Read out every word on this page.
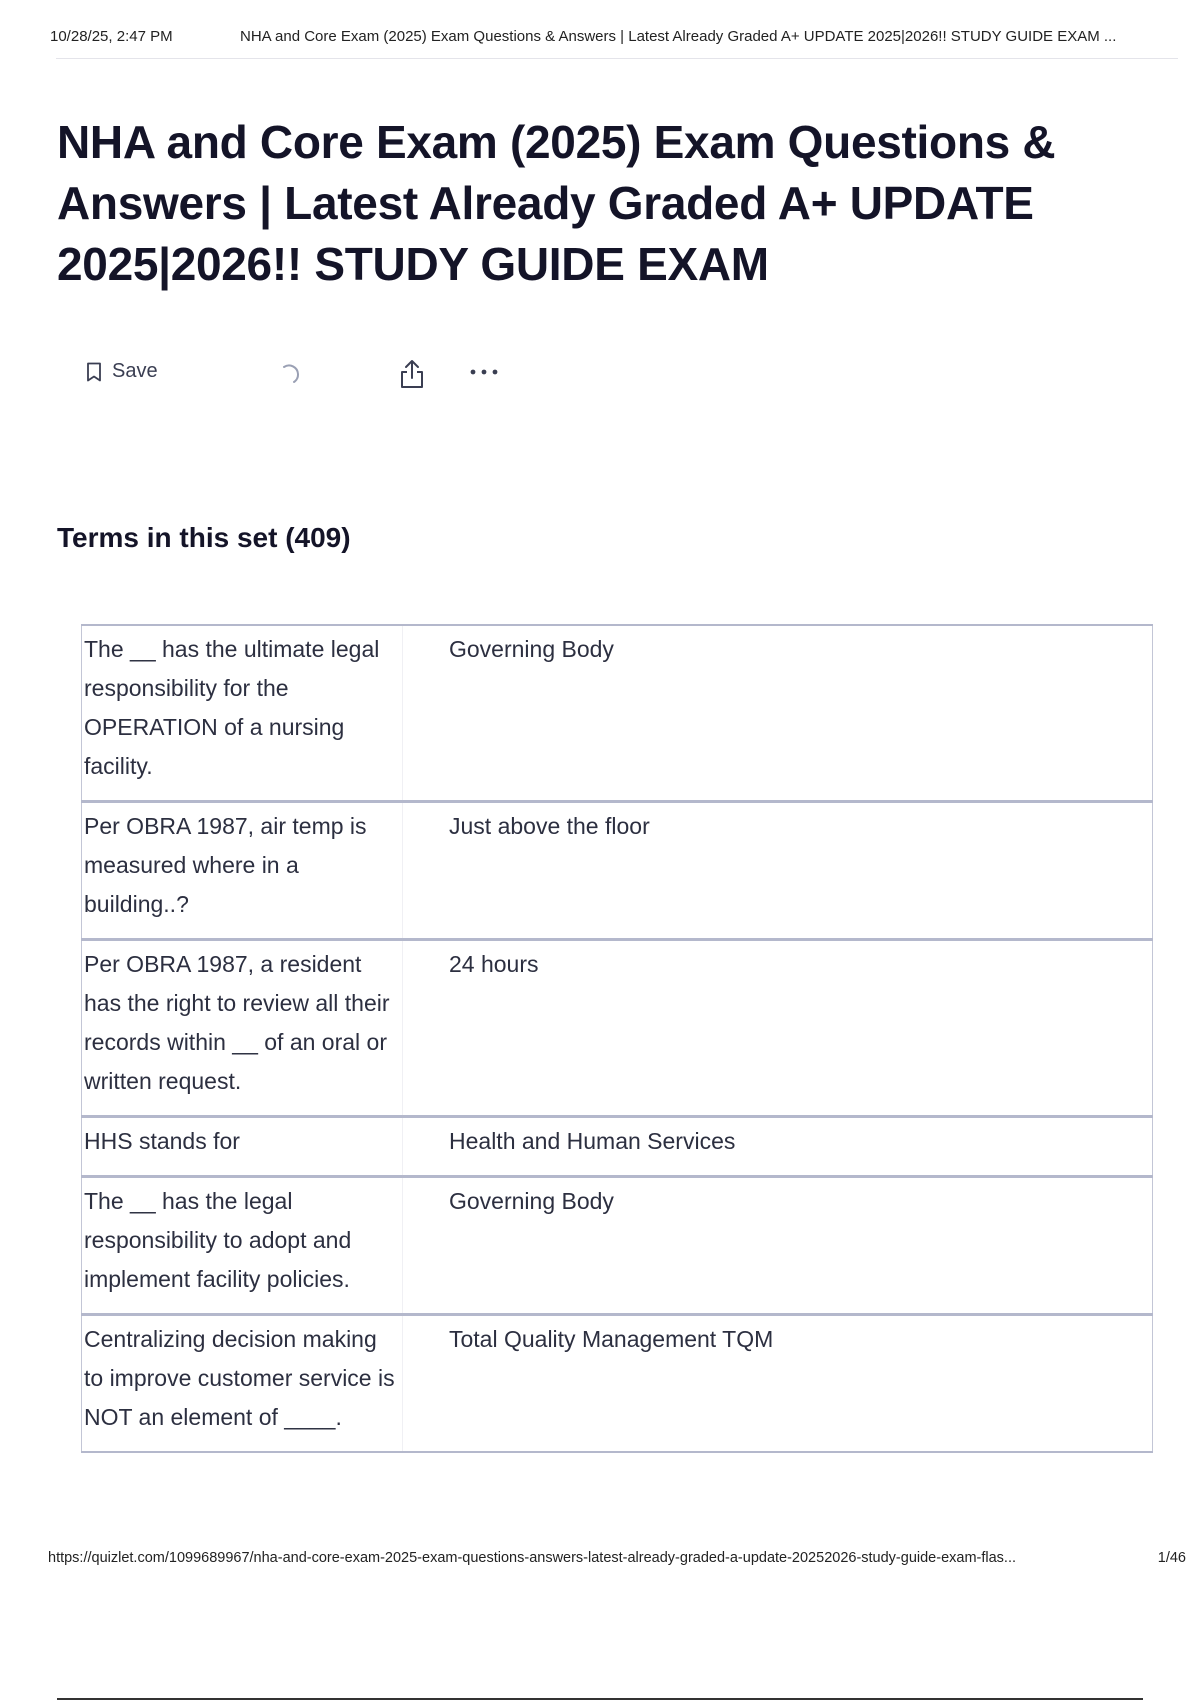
10/28/25, 2:47 PM	NHA and Core Exam (2025) Exam Questions & Answers | Latest Already Graded A+ UPDATE 2025|2026!! STUDY GUIDE EXAM ...
NHA and Core Exam (2025) Exam Questions & Answers | Latest Already Graded A+ UPDATE 2025|2026!! STUDY GUIDE EXAM
Save
Terms in this set (409)
The __ has the ultimate legal responsibility for the OPERATION of a nursing facility.	Governing Body
Per OBRA 1987, air temp is measured where in a building..?	Just above the floor
Per OBRA 1987, a resident has the right to review all their records within __ of an oral or written request.	24 hours
HHS stands for	Health and Human Services
The __ has the legal responsibility to adopt and implement facility policies.	Governing Body
Centralizing decision making to improve customer service is NOT an element of ____.	Total Quality Management TQM
https://quizlet.com/1099689967/nha-and-core-exam-2025-exam-questions-answers-latest-already-graded-a-update-20252026-study-guide-exam-flas...	1/46
